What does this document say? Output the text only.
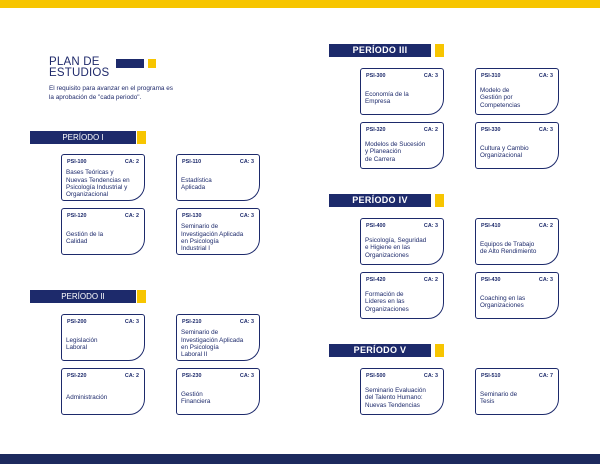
PLAN DE
ESTUDIOS
El requisito para avanzar en el programa es
la aprobación de "cada periodo".
PERÍODO I
PSI-100	CA: 2
Bases Teóricas y
Nuevas Tendencias en
Psicología Industrial y
Organizacional
PSI-110	CA: 3
Estadística
Aplicada
PSI-120	CA: 2
Gestión de la
Calidad
PSI-130	CA: 3
Seminario de
Investigación Aplicada
en Psicología
Industrial I
PERÍODO II
PSI-200	CA: 3
Legislación
Laboral
PSI-210	CA: 3
Seminario de
Investigación Aplicada
en Psicología
Laboral II
PSI-220	CA: 2
Administración
PSI-230	CA: 3
Gestión
Financiera
PERÍODO III
PSI-300	CA: 3
Economía de la
Empresa
PSI-310	CA: 3
Modelo de
Gestión por
Competencias
PSI-320	CA: 2
Modelos de Sucesión
y Planeación
de Carrera
PSI-330	CA: 3
Cultura y Cambio
Organizacional
PERÍODO IV
PSI-400	CA: 3
Psicología, Seguridad
e Higiene en las
Organizaciones
PSI-410	CA: 2
Equipos de Trabajo
de Alto Rendimiento
PSI-420	CA: 2
Formación de
Líderes en las
Organizaciones
PSI-430	CA: 3
Coaching en las
Organizaciones
PERÍODO V
PSI-500	CA: 3
Seminario Evaluación
del Talento Humano:
Nuevas Tendencias
PSI-510	CA: 7
Seminario de
Tesis
